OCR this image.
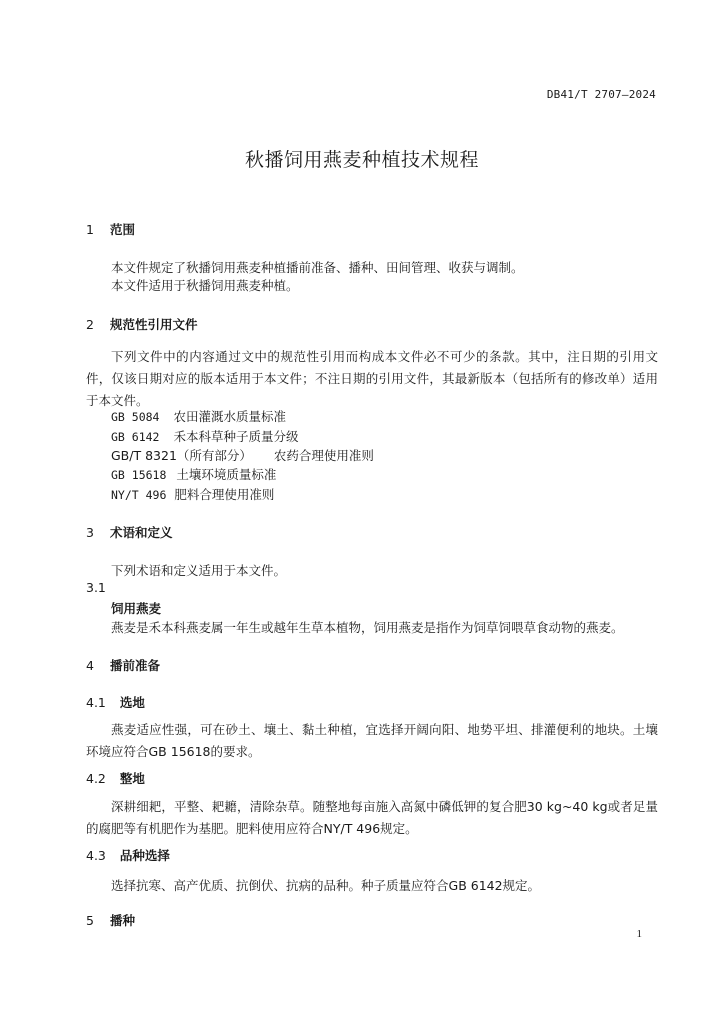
DB41/T 2707—2024
秋播饲用燕麦种植技术规程
1 范围
本文件规定了秋播饲用燕麦种植播前准备、播种、田间管理、收获与调制。
本文件适用于秋播饲用燕麦种植。
2 规范性引用文件
下列文件中的内容通过文中的规范性引用而构成本文件必不可少的条款。其中，注日期的引用文件，仅该日期对应的版本适用于本文件；不注日期的引用文件，其最新版本（包括所有的修改单）适用于本文件。
GB 5084 农田灌溉水质量标准
GB 6142 禾本科草种子质量分级
GB/T 8321（所有部分） 农药合理使用准则
GB 15618 土壤环境质量标准
NY/T 496 肥料合理使用准则
3 术语和定义
下列术语和定义适用于本文件。
3.1
饲用燕麦
燕麦是禾本科燕麦属一年生或越年生草本植物，饲用燕麦是指作为饲草饲喂草食动物的燕麦。
4 播前准备
4.1 选地
燕麦适应性强，可在砂土、壤土、黏土种植，宜选择开阔向阳、地势平坦、排灌便利的地块。土壤环境应符合GB 15618的要求。
4.2 整地
深耕细耙，平整、耙耱，清除杂草。随整地每亩施入高氮中磷低钾的复合肥30 kg~40 kg或者足量的腐肥等有机肥作为基肥。肥料使用应符合NY/T 496规定。
4.3 品种选择
选择抗寒、高产优质、抗倒伏、抗病的品种。种子质量应符合GB 6142规定。
5 播种
1
